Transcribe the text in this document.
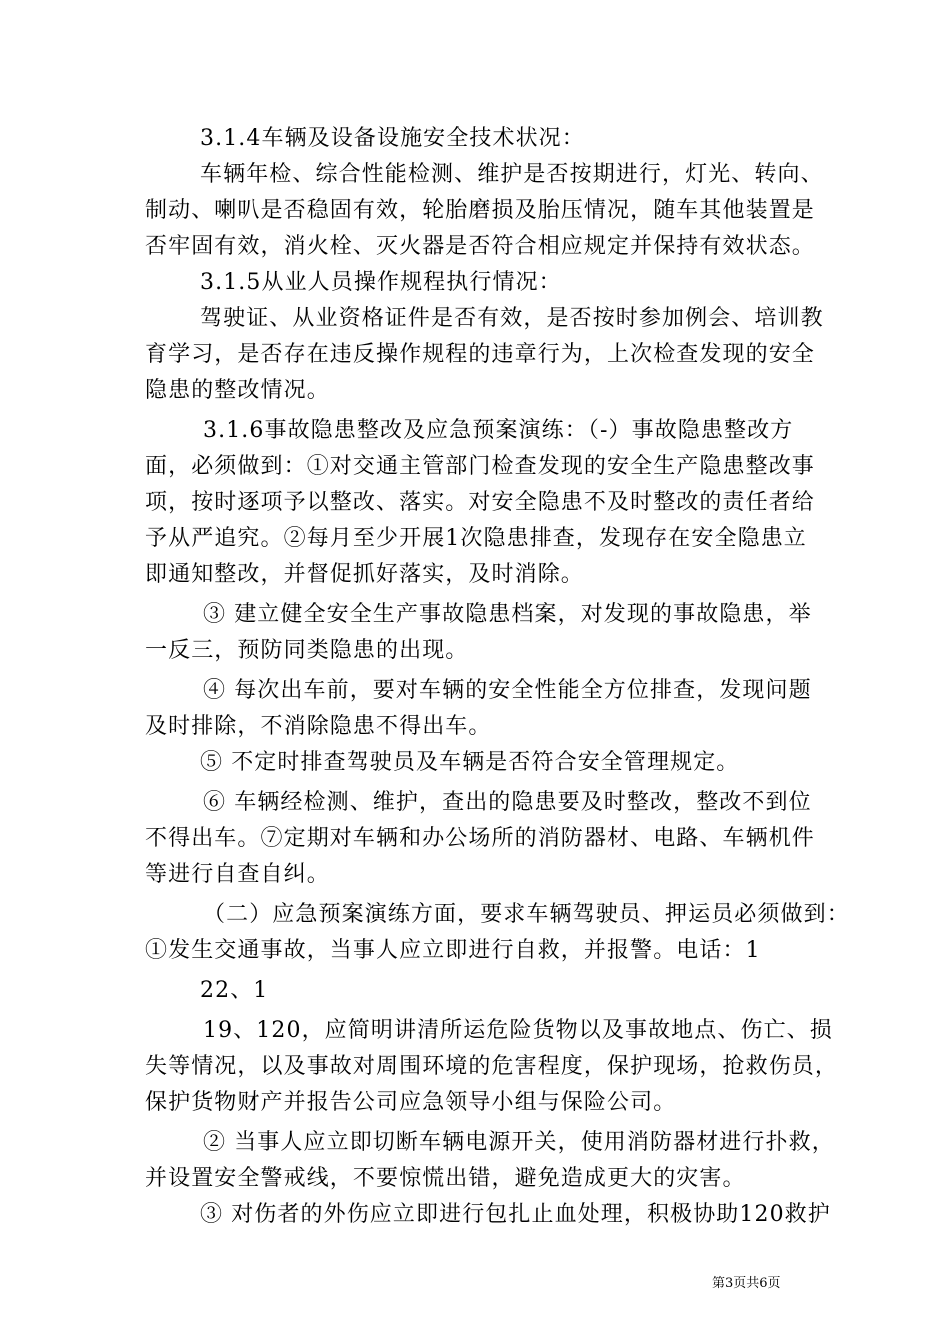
3.1.4车辆及设备设施安全技术状况：
车辆年检、综合性能检测、维护是否按期进行，灯光、转向、
制动、喇叭是否稳固有效，轮胎磨损及胎压情况，随车其他装置是
否牢固有效，消火栓、灭火器是否符合相应规定并保持有效状态。
3.1.5从业人员操作规程执行情况：
驾驶证、从业资格证件是否有效，是否按时参加例会、培训教
育学习，是否存在违反操作规程的违章行为，上次检查发现的安全
隐患的整改情况。
3.1.6事故隐患整改及应急预案演练：（-）事故隐患整改方
面，必须做到：①对交通主管部门检查发现的安全生产隐患整改事
项，按时逐项予以整改、落实。对安全隐患不及时整改的责任者给
予从严追究。②每月至少开展1次隐患排查，发现存在安全隐患立
即通知整改，并督促抓好落实，及时消除。
③ 建立健全安全生产事故隐患档案，对发现的事故隐患，举
一反三，预防同类隐患的出现。
④ 每次出车前，要对车辆的安全性能全方位排查，发现问题
及时排除，不消除隐患不得出车。
⑤ 不定时排查驾驶员及车辆是否符合安全管理规定。
⑥ 车辆经检测、维护，查出的隐患要及时整改，整改不到位
不得出车。⑦定期对车辆和办公场所的消防器材、电路、车辆机件
等进行自查自纠。
（二）应急预案演练方面，要求车辆驾驶员、押运员必须做到：
①发生交通事故，当事人应立即进行自救，并报警。电话：1
22、1
19、120，应简明讲清所运危险货物以及事故地点、伤亡、损
失等情况，以及事故对周围环境的危害程度，保护现场，抢救伤员，
保护货物财产并报告公司应急领导小组与保险公司。
② 当事人应立即切断车辆电源开关，使用消防器材进行扑救，
并设置安全警戒线，不要惊慌出错，避免造成更大的灾害。
③ 对伤者的外伤应立即进行包扎止血处理，积极协助120救护
第3页共6页
